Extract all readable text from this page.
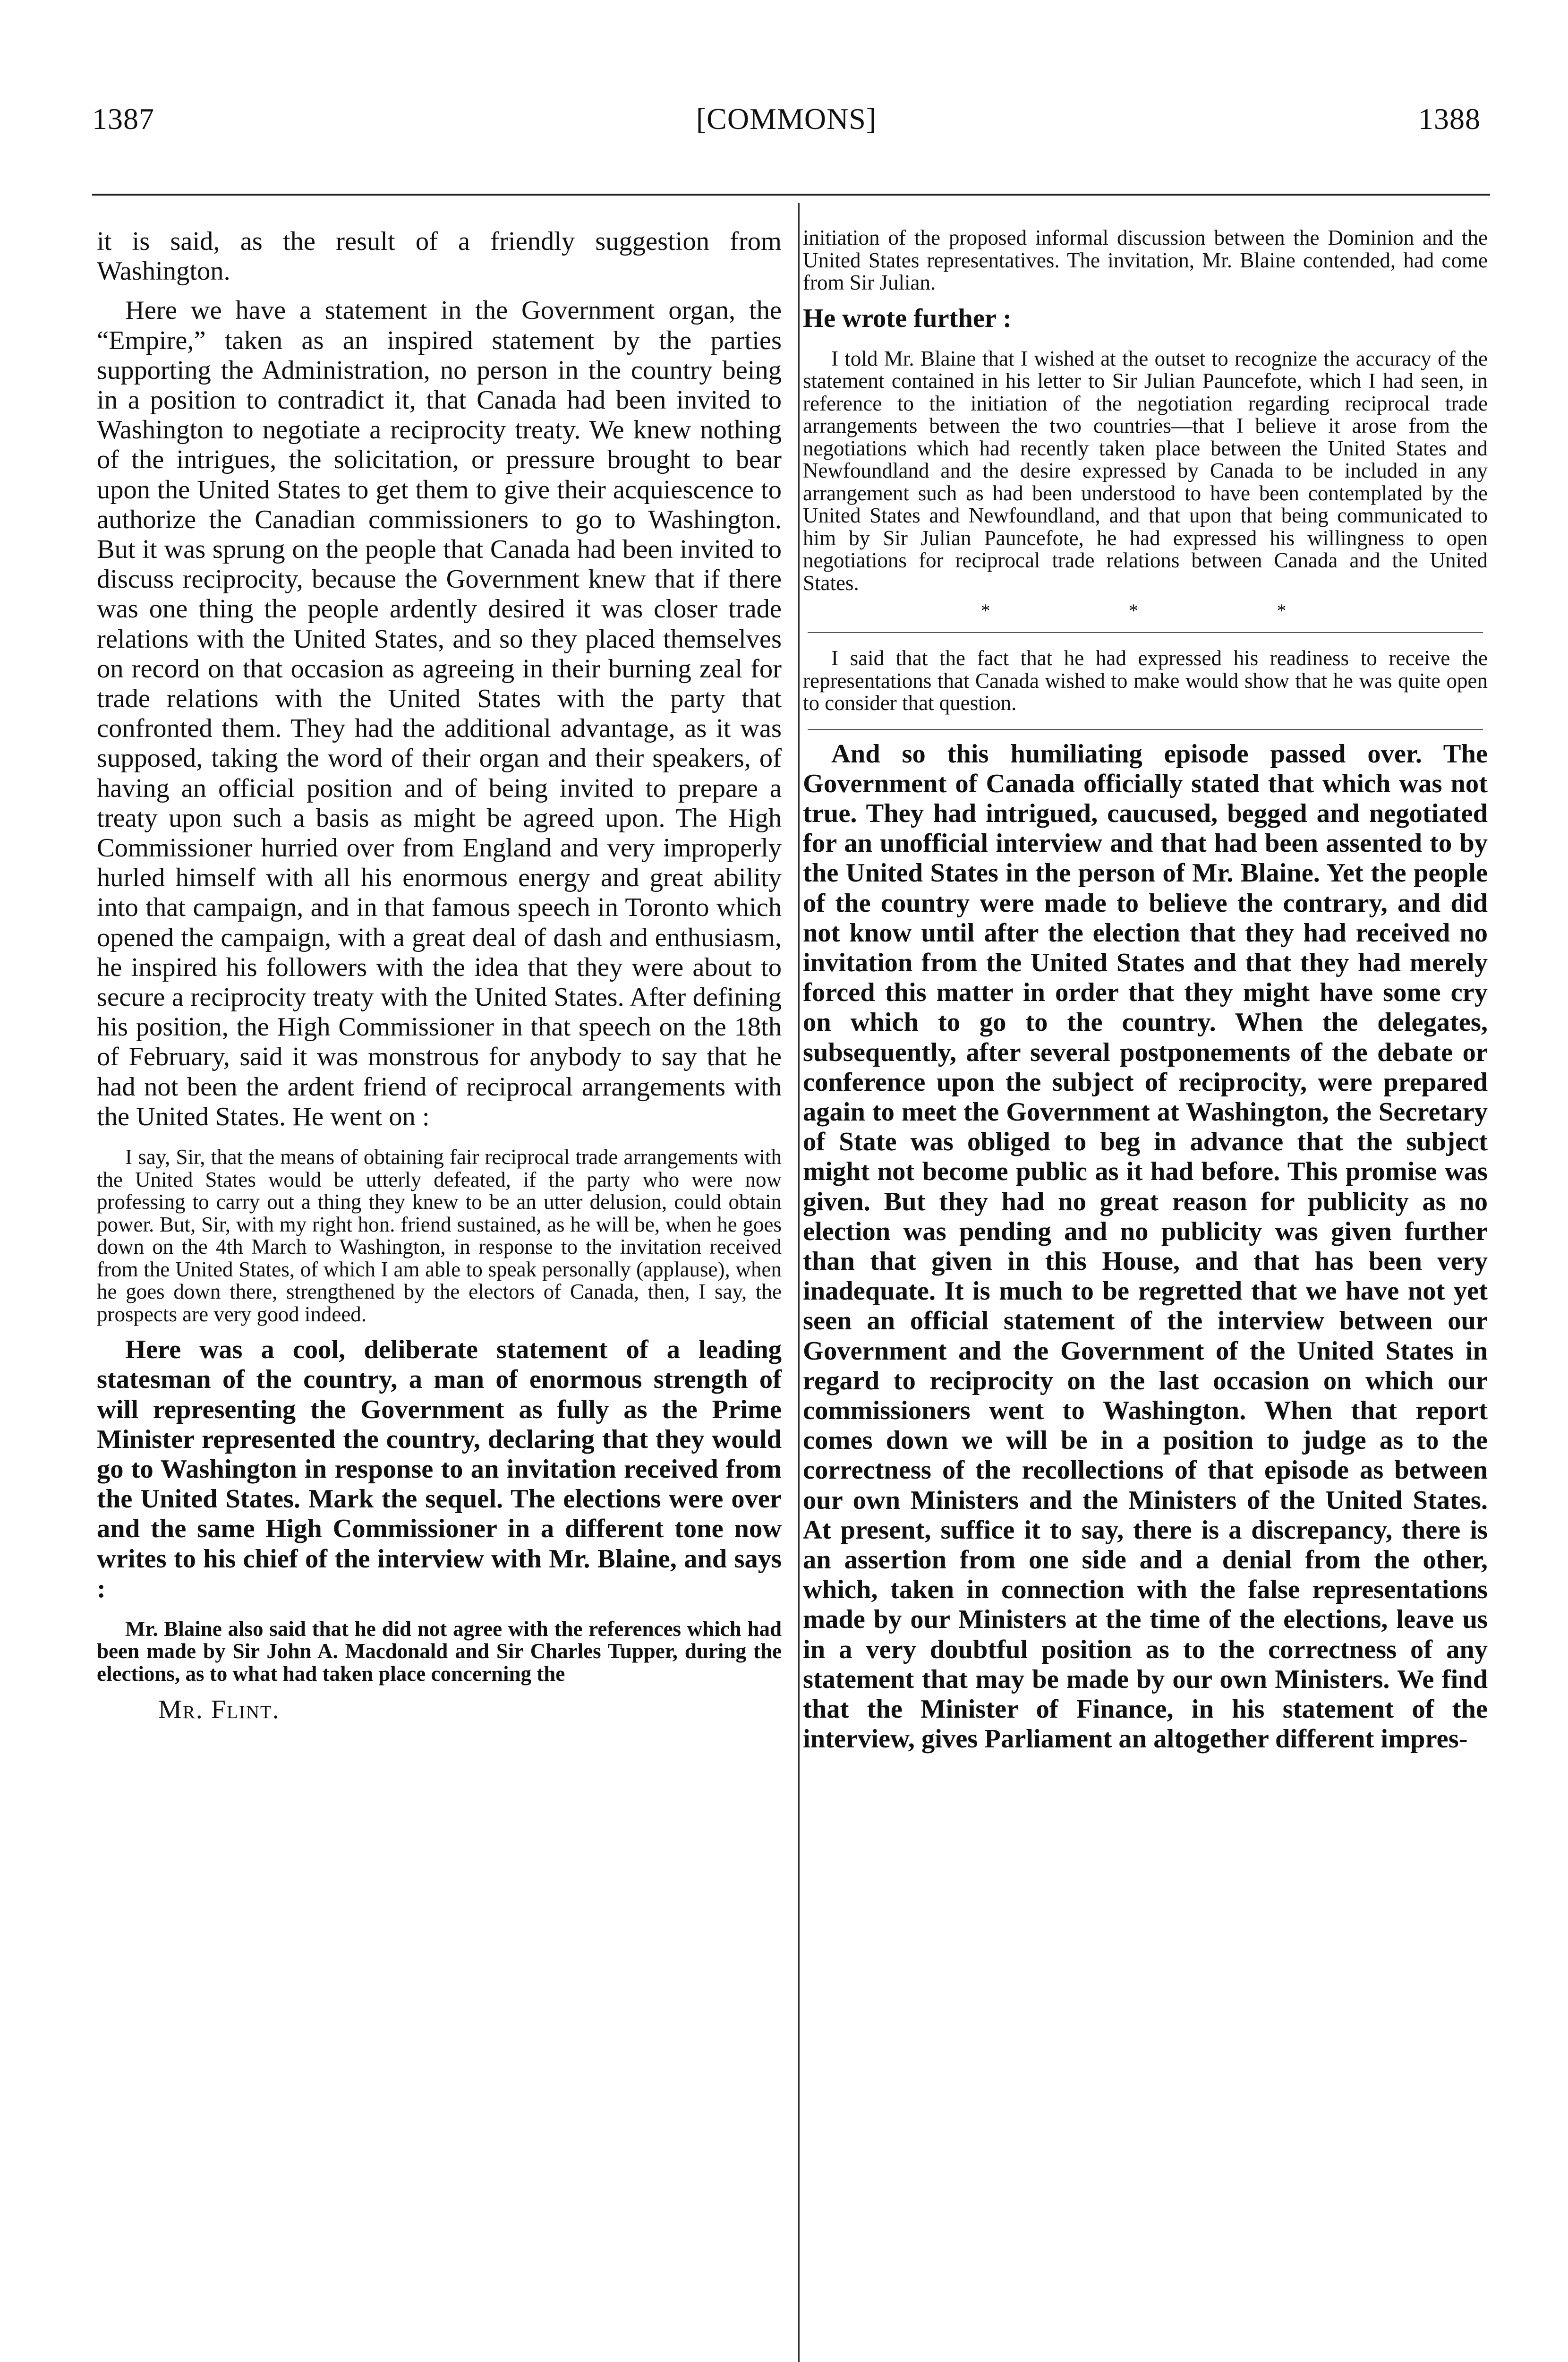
1387	[COMMONS]	1388

it is said, as the result of a friendly suggestion from Washington.

Here we have a statement in the Government organ, the “Empire,” taken as an inspired statement by the parties supporting the Administration, no person in the country being in a position to contradict it, that Canada had been invited to Washington to negotiate a reciprocity treaty. We knew nothing of the intrigues, the solicitation, or pressure brought to bear upon the United States to get them to give their acquiescence to authorize the Canadian commissioners to go to Washington. But it was sprung on the people that Canada had been invited to discuss reciprocity, because the Government knew that if there was one thing the people ardently desired it was closer trade relations with the United States, and so they placed themselves on record on that occasion as agreeing in their burning zeal for trade relations with the United States with the party that confronted them. They had the additional advantage, as it was supposed, taking the word of their organ and their speakers, of having an official position and of being invited to prepare a treaty upon such a basis as might be agreed upon. The High Commissioner hurried over from England and very improperly hurled himself with all his enormous energy and great ability into that campaign, and in that famous speech in Toronto which opened the campaign, with a great deal of dash and enthusiasm, he inspired his followers with the idea that they were about to secure a reciprocity treaty with the United States. After defining his position, the High Commissioner in that speech on the 18th of February, said it was monstrous for anybody to say that he had not been the ardent friend of reciprocal arrangements with the United States. He went on :

I say, Sir, that the means of obtaining fair reciprocal trade arrangements with the United States would be utterly defeated, if the party who were now professing to carry out a thing they knew to be an utter delusion, could obtain power. But, Sir, with my right hon. friend sustained, as he will be, when he goes down on the 4th March to Washington, in response to the invitation received from the United States, of which I am able to speak personally (applause), when he goes down there, strengthened by the electors of Canada, then, I say, the prospects are very good indeed.

Here was a cool, deliberate statement of a leading statesman of the country, a man of enormous strength of will representing the Government as fully as the Prime Minister represented the country, declaring that they would go to Washington in response to an invitation received from the United States. Mark the sequel. The elections were over and the same High Commissioner in a different tone now writes to his chief of the interview with Mr. Blaine, and says :

Mr. Blaine also said that he did not agree with the references which had been made by Sir John A. Macdonald and Sir Charles Tupper, during the elections, as to what had taken place concerning the

Mr. Flint.

initiation of the proposed informal discussion between the Dominion and the United States representatives. The invitation, Mr. Blaine contended, had come from Sir Julian.

He wrote further :

I told Mr. Blaine that I wished at the outset to recognize the accuracy of the statement contained in his letter to Sir Julian Pauncefote, which I had seen, in reference to the initiation of the negotiation regarding reciprocal trade arrangements between the two countries—that I believe it arose from the negotiations which had recently taken place between the United States and Newfoundland and the desire expressed by Canada to be included in any arrangement such as had been understood to have been contemplated by the United States and Newfoundland, and that upon that being communicated to him by Sir Julian Pauncefote, he had expressed his willingness to open negotiations for reciprocal trade relations between Canada and the United States.

*	*	*

I said that the fact that he had expressed his readiness to receive the representations that Canada wished to make would show that he was quite open to consider that question.

And so this humiliating episode passed over. The Government of Canada officially stated that which was not true. They had intrigued, caucused, begged and negotiated for an unofficial interview and that had been assented to by the United States in the person of Mr. Blaine. Yet the people of the country were made to believe the contrary, and did not know until after the election that they had received no invitation from the United States and that they had merely forced this matter in order that they might have some cry on which to go to the country. When the delegates, subsequently, after several postponements of the debate or conference upon the subject of reciprocity, were prepared again to meet the Government at Washington, the Secretary of State was obliged to beg in advance that the subject might not become public as it had before. This promise was given. But they had no great reason for publicity as no election was pending and no publicity was given further than that given in this House, and that has been very inadequate. It is much to be regretted that we have not yet seen an official statement of the interview between our Government and the Government of the United States in regard to reciprocity on the last occasion on which our commissioners went to Washington. When that report comes down we will be in a position to judge as to the correctness of the recollections of that episode as between our own Ministers and the Ministers of the United States. At present, suffice it to say, there is a discrepancy, there is an assertion from one side and a denial from the other, which, taken in connection with the false representations made by our Ministers at the time of the elections, leave us in a very doubtful position as to the correctness of any statement that may be made by our own Ministers. We find that the Minister of Finance, in his statement of the interview, gives Parliament an altogether different impres-
